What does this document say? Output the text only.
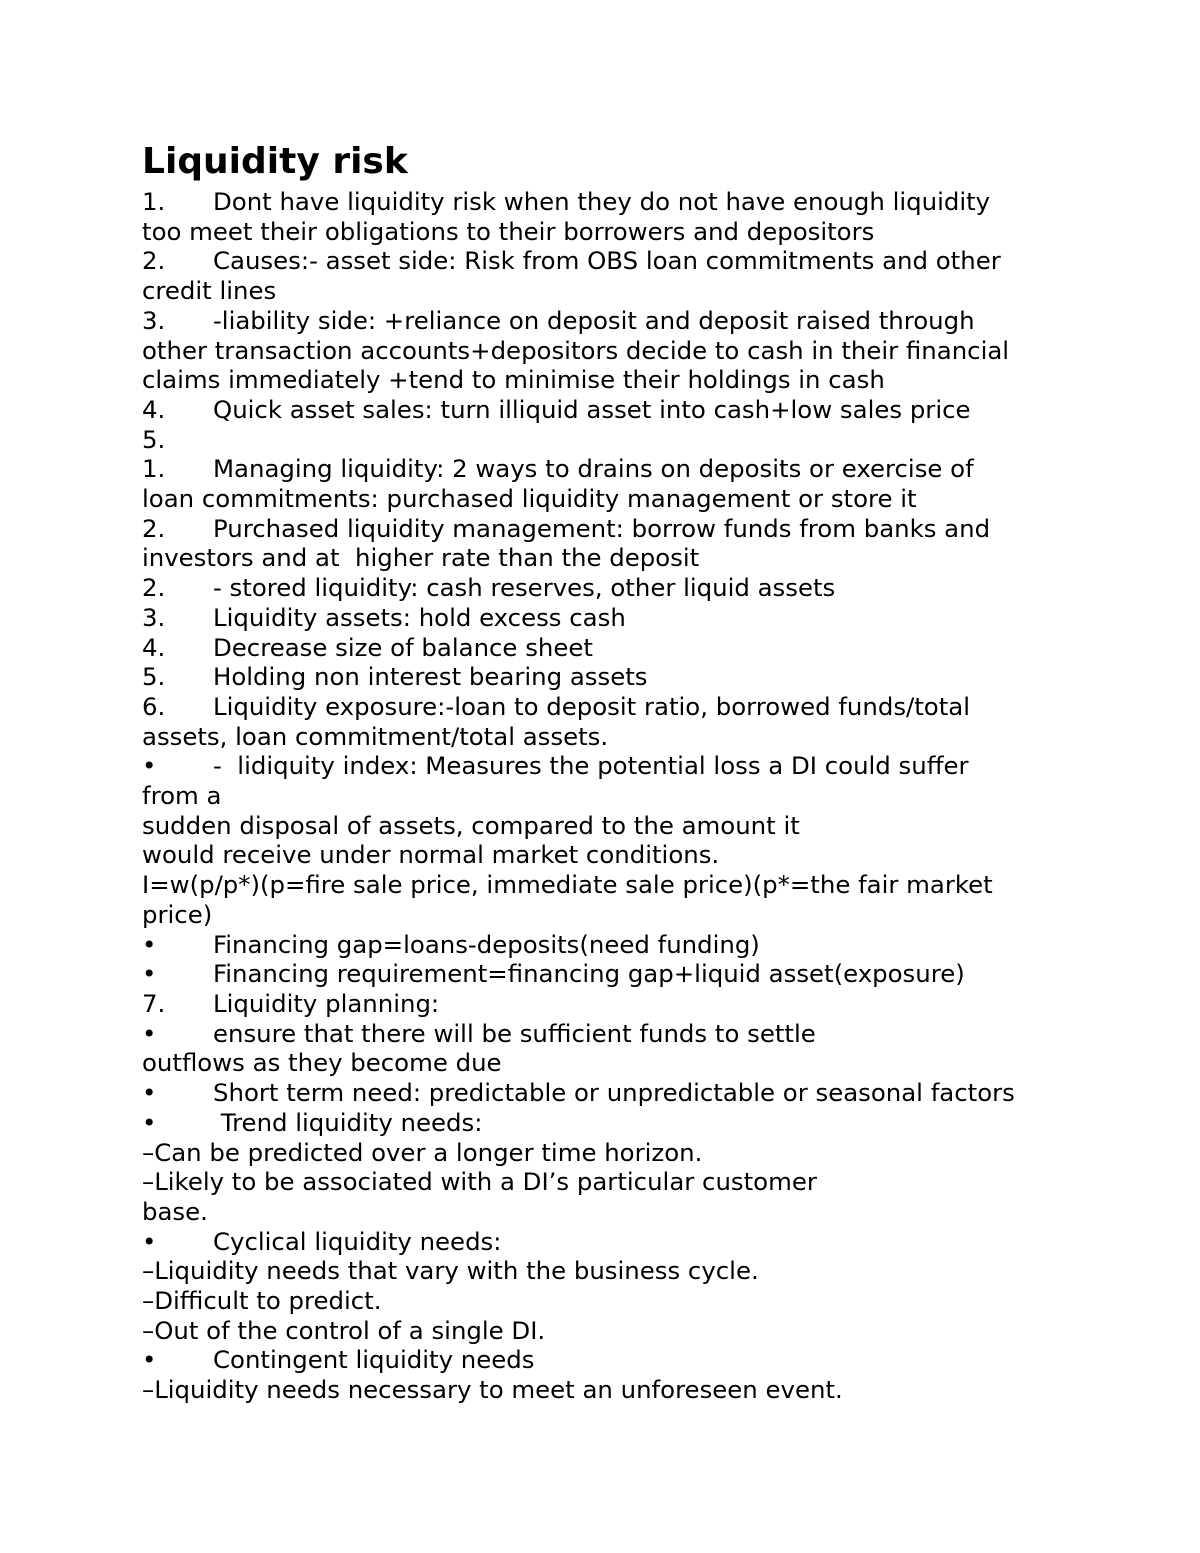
Liquidity risk
1. Dont have liquidity risk when they do not have enough liquidity
too meet their obligations to their borrowers and depositors
2. Causes:- asset side: Risk from OBS loan commitments and other
credit lines
3. -liability side: +reliance on deposit and deposit raised through
other transaction accounts+depositors decide to cash in their financial
claims immediately +tend to minimise their holdings in cash
4. Quick asset sales: turn illiquid asset into cash+low sales price
5.
1. Managing liquidity: 2 ways to drains on deposits or exercise of
loan commitments: purchased liquidity management or store it
2. Purchased liquidity management: borrow funds from banks and
investors and at  higher rate than the deposit
2. - stored liquidity: cash reserves, other liquid assets
3. Liquidity assets: hold excess cash
4. Decrease size of balance sheet
5. Holding non interest bearing assets
6. Liquidity exposure:-loan to deposit ratio, borrowed funds/total
assets, loan commitment/total assets.
• -  lidiquity index: Measures the potential loss a DI could suffer
from a
sudden disposal of assets, compared to the amount it
would receive under normal market conditions.
I=w(p/p*)(p=fire sale price, immediate sale price)(p*=the fair market
price)
• Financing gap=loans-deposits(need funding)
• Financing requirement=financing gap+liquid asset(exposure)
7. Liquidity planning:
• ensure that there will be sufficient funds to settle
outflows as they become due
• Short term need: predictable or unpredictable or seasonal factors
• Trend liquidity needs:
–Can be predicted over a longer time horizon.
–Likely to be associated with a DI’s particular customer
base.
• Cyclical liquidity needs:
–Liquidity needs that vary with the business cycle.
–Difficult to predict.
–Out of the control of a single DI.
• Contingent liquidity needs
–Liquidity needs necessary to meet an unforeseen event.
